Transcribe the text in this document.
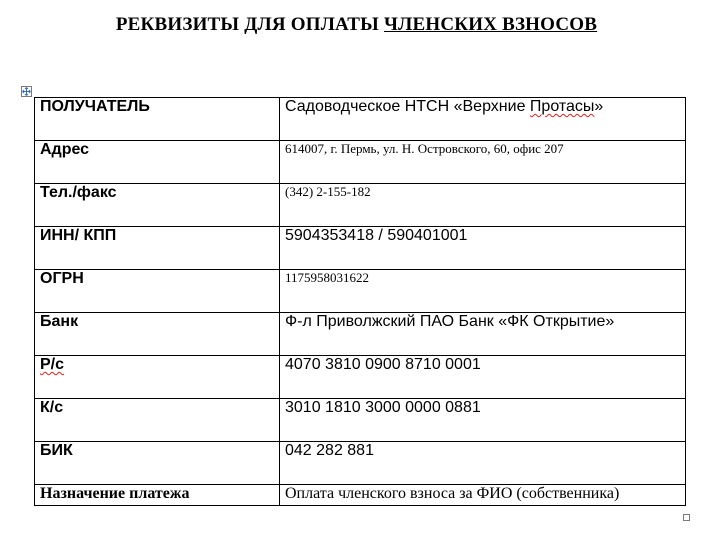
РЕКВИЗИТЫ ДЛЯ ОПЛАТЫ ЧЛЕНСКИХ ВЗНОСОВ
ПОЛУЧАТЕЛЬ	Садоводческое НТСН «Верхние Протасы»
Адрес	614007, г. Пермь, ул. Н. Островского, 60, офис 207
Тел./факс	(342) 2-155-182
ИНН/ КПП	5904353418 / 590401001
ОГРН	1175958031622
Банк	Ф-л Приволжский ПАО Банк «ФК Открытие»
Р/с	4070 3810 0900 8710 0001
К/с	3010 1810 3000 0000 0881
БИК	042 282 881
Назначение платежа	Оплата членского взноса за ФИО (собственника)
